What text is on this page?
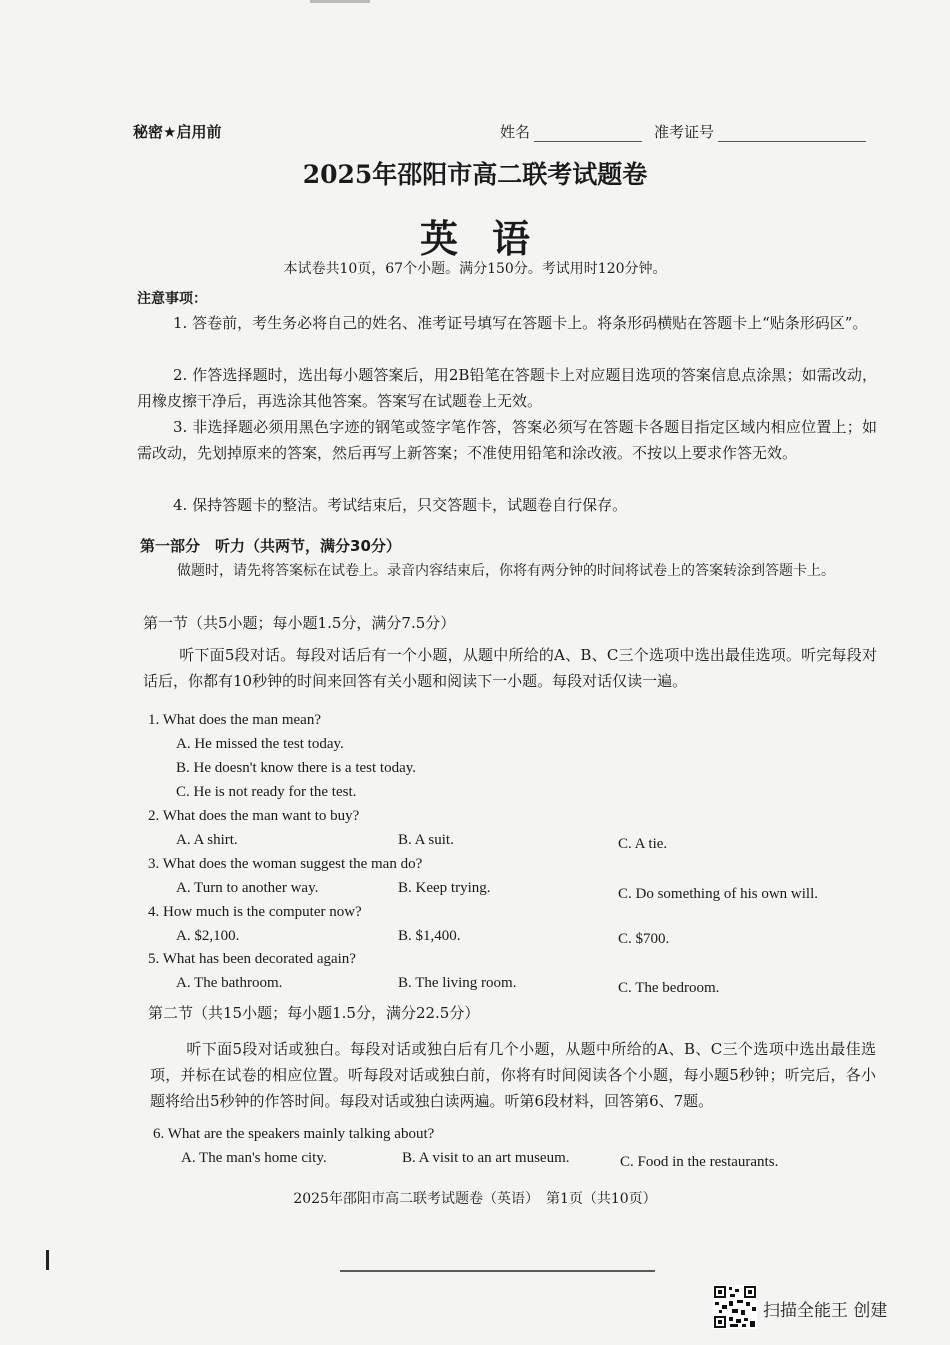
秘密★启用前	姓名	准考证号
2025年邵阳市高二联考试题卷
英语
本试卷共10页，67个小题。满分150分。考试用时120分钟。
注意事项：
1. 答卷前，考生务必将自己的姓名、准考证号填写在答题卡上。将条形码横贴在答题卡上“贴条形码区”。
2. 作答选择题时，选出每小题答案后，用2B铅笔在答题卡上对应题目选项的答案信息点涂黑；如需改动，用橡皮擦干净后，再选涂其他答案。答案写在试题卷上无效。
3. 非选择题必须用黑色字迹的钢笔或签字笔作答，答案必须写在答题卡各题目指定区域内相应位置上；如需改动，先划掉原来的答案，然后再写上新答案；不准使用铅笔和涂改液。不按以上要求作答无效。
4. 保持答题卡的整洁。考试结束后，只交答题卡，试题卷自行保存。
第一部分　听力（共两节，满分30分）
做题时，请先将答案标在试卷上。录音内容结束后，你将有两分钟的时间将试卷上的答案转涂到答题卡上。
第一节（共5小题；每小题1.5分，满分7.5分）
听下面5段对话。每段对话后有一个小题，从题中所给的A、B、C三个选项中选出最佳选项。听完每段对话后，你都有10秒钟的时间来回答有关小题和阅读下一小题。每段对话仅读一遍。
1. What does the man mean?
A. He missed the test today.
B. He doesn't know there is a test today.
C. He is not ready for the test.
2. What does the man want to buy?
A. A shirt.	B. A suit.	C. A tie.
3. What does the woman suggest the man do?
A. Turn to another way.	B. Keep trying.	C. Do something of his own will.
4. How much is the computer now?
A. $2,100.	B. $1,400.	C. $700.
5. What has been decorated again?
A. The bathroom.	B. The living room.	C. The bedroom.
第二节（共15小题；每小题1.5分，满分22.5分）
听下面5段对话或独白。每段对话或独白后有几个小题，从题中所给的A、B、C三个选项中选出最佳选项，并标在试卷的相应位置。听每段对话或独白前，你将有时间阅读各个小题，每小题5秒钟；听完后，各小题将给出5秒钟的作答时间。每段对话或独白读两遍。听第6段材料，回答第6、7题。
6. What are the speakers mainly talking about?
A. The man's home city.	B. A visit to an art museum.	C. Food in the restaurants.
2025年邵阳市高二联考试题卷（英语）　第1页（共10页）
扫描全能王 创建
